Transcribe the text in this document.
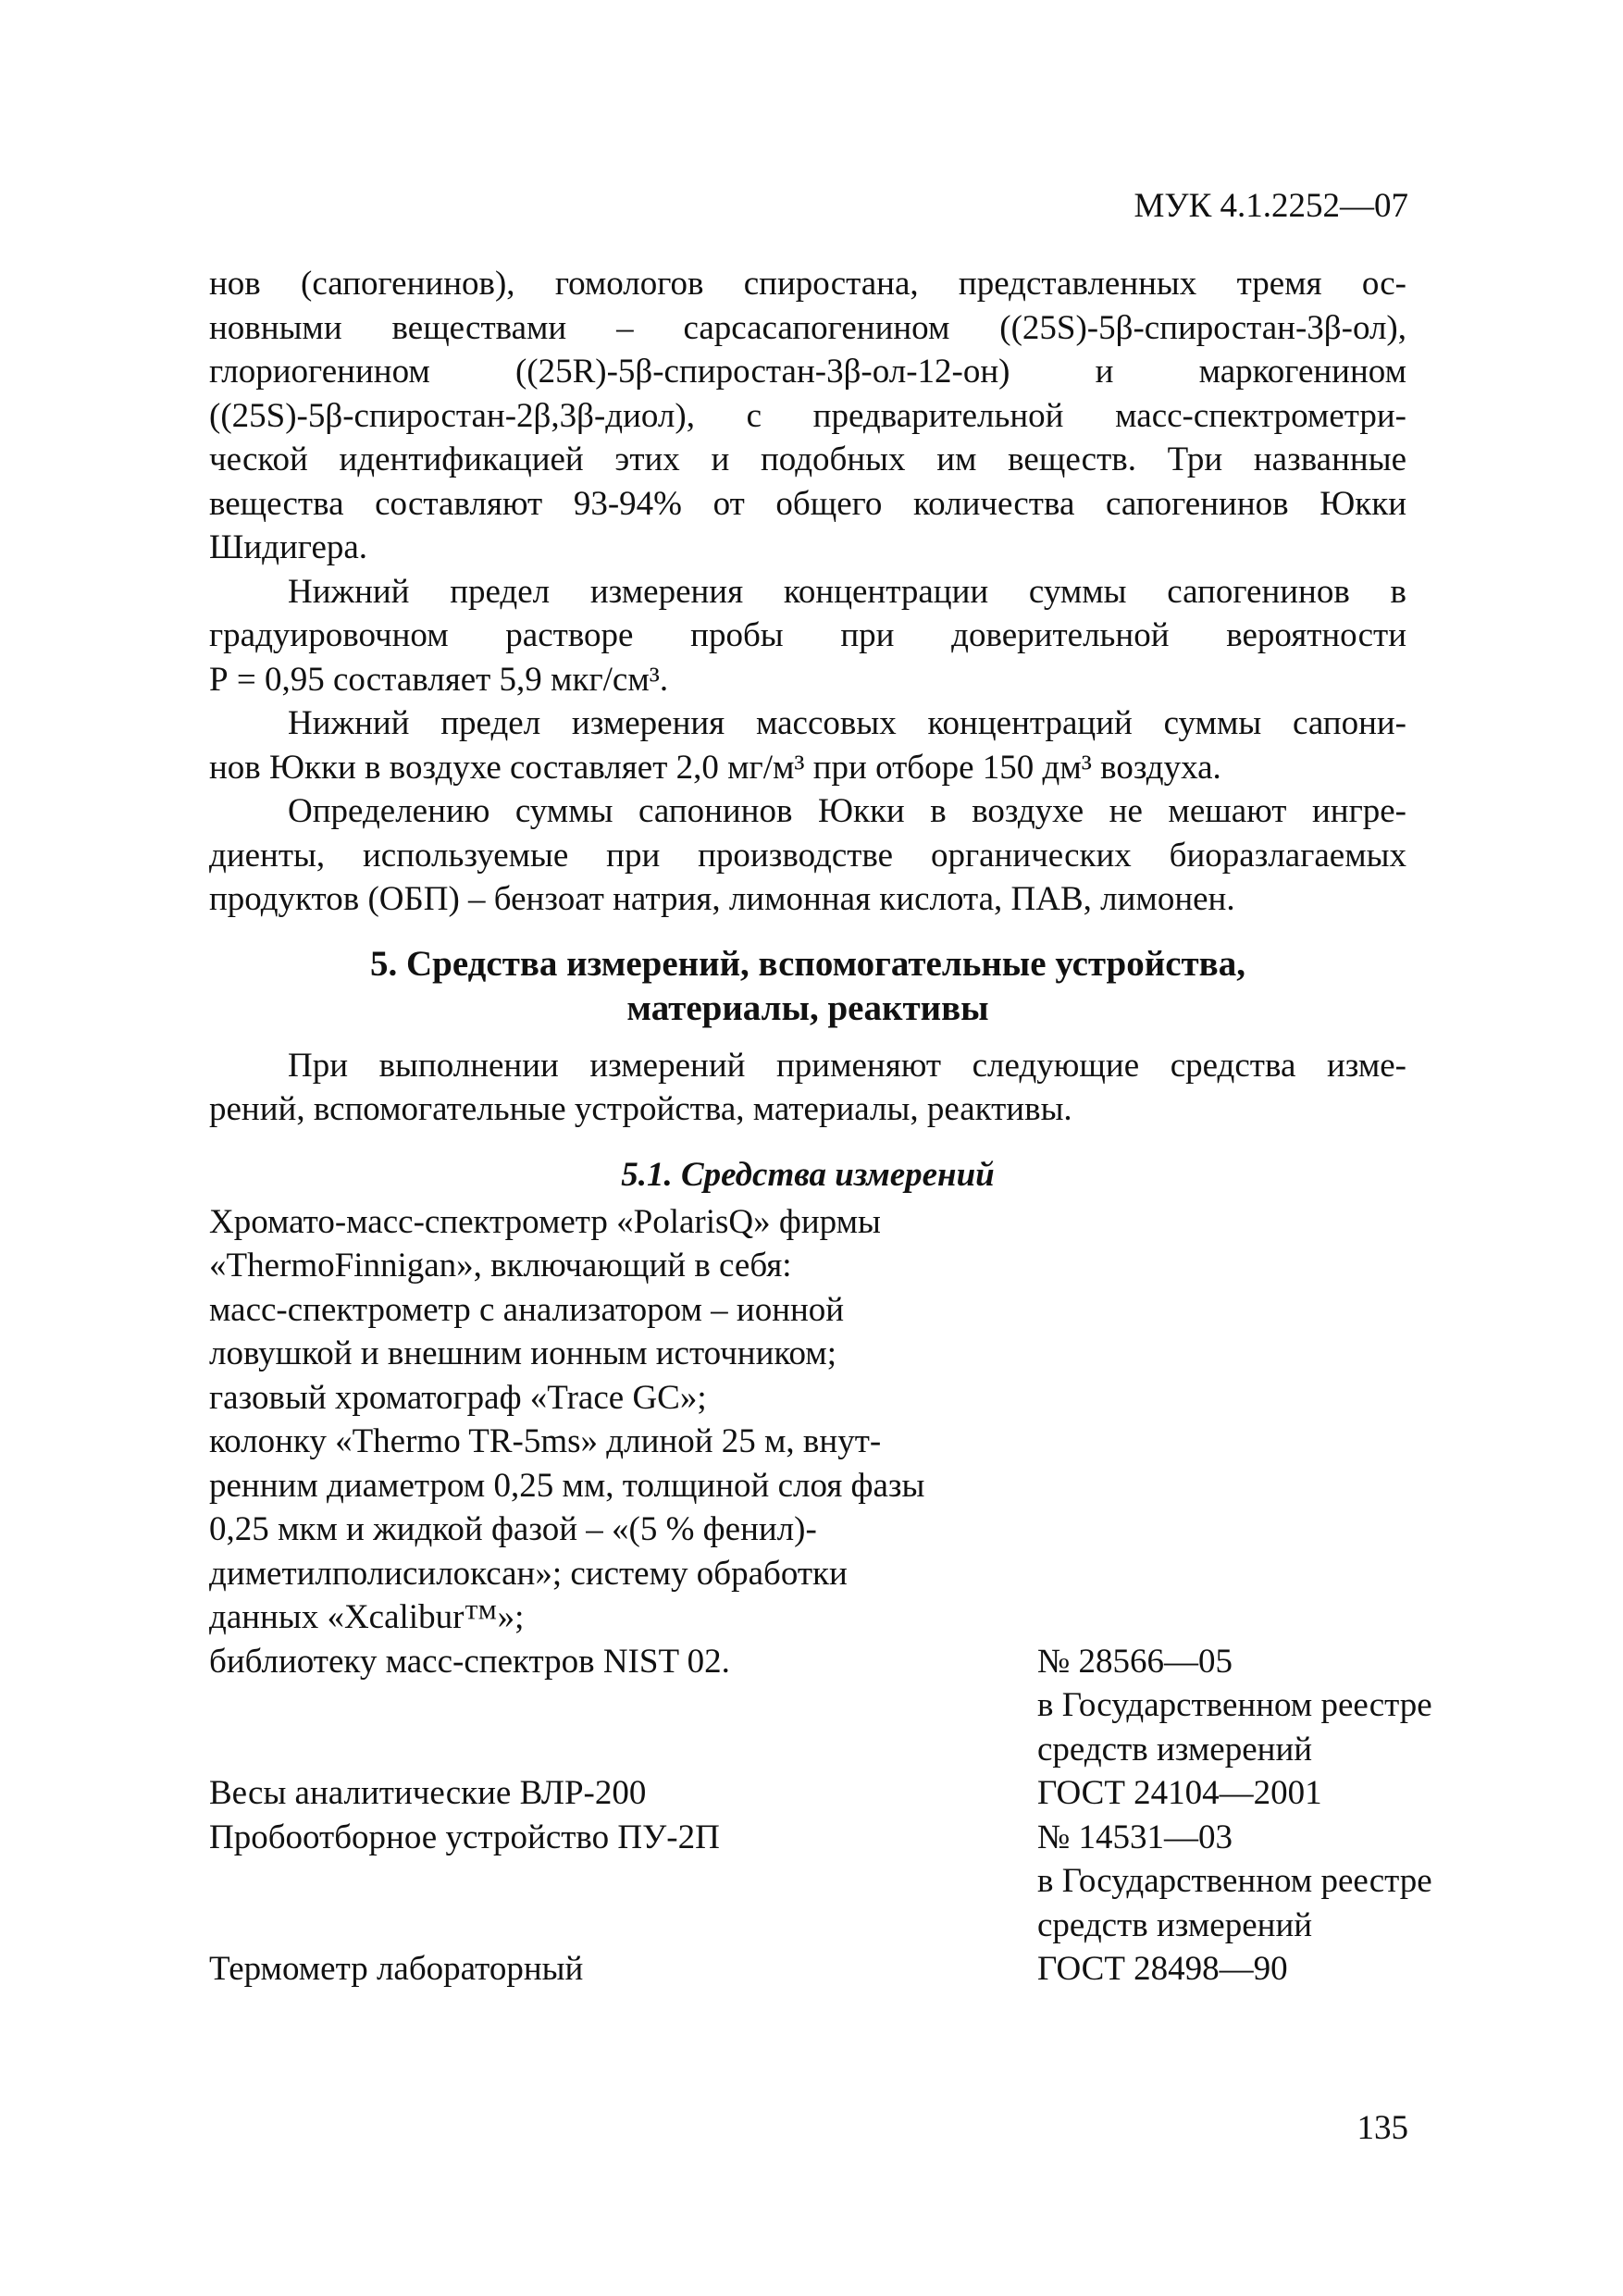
МУК 4.1.2252—07
нов (сапогенинов), гомологов спиростана, представленных тремя ос-
новными веществами – сарсасапогенином ((25S)-5β-спиростан-3β-ол),
глориогенином ((25R)-5β-спиростан-3β-ол-12-он) и маркогенином
((25S)-5β-спиростан-2β,3β-диол), с предварительной масс-спектрометри-
ческой идентификацией этих и подобных им веществ. Три названные
вещества составляют 93-94% от общего количества сапогенинов Юкки
Шидигера.
Нижний предел измерения концентрации суммы сапогенинов в
градуировочном растворе пробы при доверительной вероятности
Р = 0,95 составляет 5,9 мкг/см³.
Нижний предел измерения массовых концентраций суммы сапони-
нов Юкки в воздухе составляет 2,0 мг/м³ при отборе 150 дм³ воздуха.
Определению суммы сапонинов Юкки в воздухе не мешают ингре-
диенты, используемые при производстве органических биоразлагаемых
продуктов (ОБП) – бензоат натрия, лимонная кислота, ПАВ, лимонен.
5. Средства измерений, вспомогательные устройства,
материалы, реактивы
При выполнении измерений применяют следующие средства изме-
рений, вспомогательные устройства, материалы, реактивы.
5.1. Средства измерений
Хромато-масс-спектрометр «PolarisQ» фирмы
«ThermoFinnigan», включающий в себя:
масс-спектрометр с анализатором – ионной
ловушкой и внешним ионным источником;
газовый хроматограф «Trace GC»;
колонку «Thermo TR-5ms» длиной 25 м, внут-
ренним диаметром 0,25 мм, толщиной слоя фазы
0,25 мкм и жидкой фазой – «(5 % фенил)-
диметилполисилоксан»; систему обработки
данных «Xcalibur™»;
библиотеку масс-спектров NIST 02.	№ 28566—05
в Государственном реестре
средств измерений
Весы аналитические ВЛР-200	ГОСТ 24104—2001
Пробоотборное устройство ПУ-2П	№ 14531—03
в Государственном реестре
средств измерений
Термометр лабораторный	ГОСТ 28498—90
135
